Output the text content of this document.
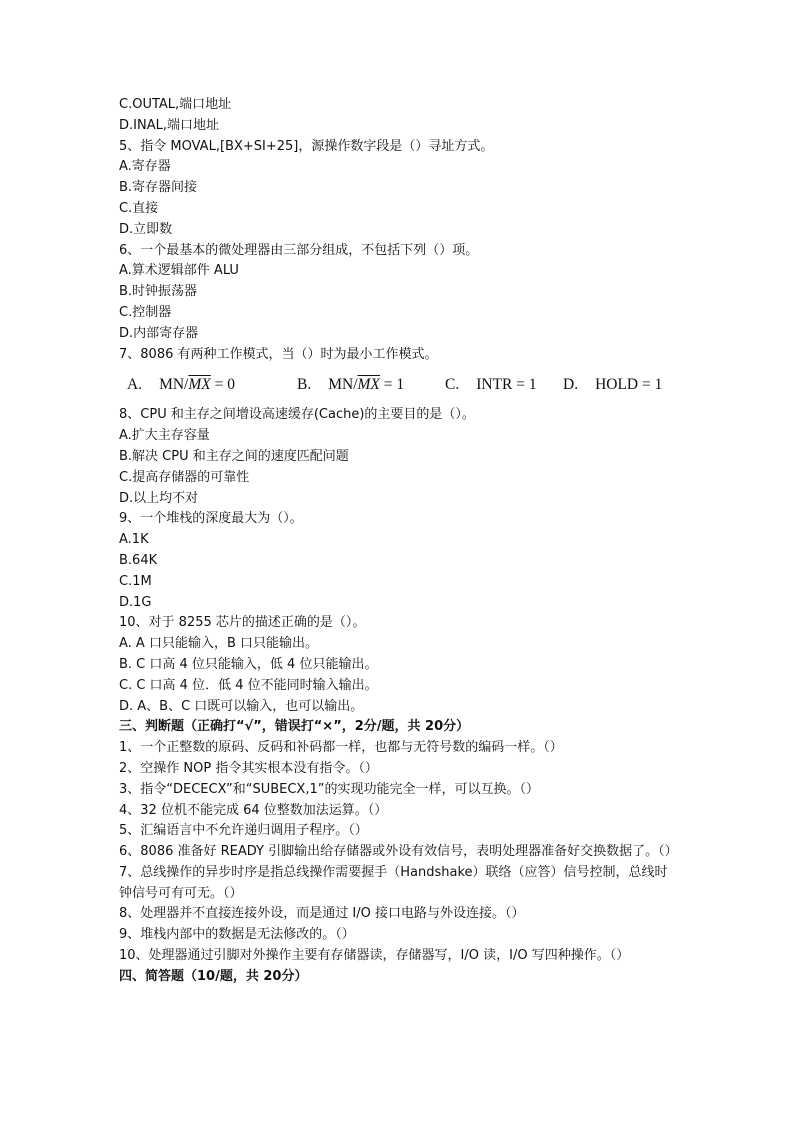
C.OUTAL,端口地址
D.INAL,端口地址
5、指令 MOVAL,[BX+SI+25]，源操作数字段是（）寻址方式。
A.寄存器
B.寄存器间接
C.直接
D.立即数
6、一个最基本的微处理器由三部分组成，不包括下列（）项。
A.算术逻辑部件 ALU
B.时钟振荡器
C.控制器
D.内部寄存器
7、8086 有两种工作模式，当（）时为最小工作模式。
A. MN/ $\overline{MX} = 0$	B. MN/ $\overline{MX} = 1$	C. INTR = 1 D. HOLD = 1
8、CPU 和主存之间增设高速缓存(Cache)的主要目的是（）。
A.扩大主存容量
B.解决 CPU 和主存之间的速度匹配问题
C.提高存储器的可靠性
D.以上均不对
9、一个堆栈的深度最大为（）。
A.1K
B.64K
C.1M
D.1G
10、对于 8255 芯片的描述正确的是（）。
A. A 口只能输入，B 口只能输出。
B. C 口高 4 位只能输入，低 4 位只能输出。
C. C 口高 4 位．低 4 位不能同时输入输出。
D. A、B、C 口既可以输入，也可以输出。
三、判断题（正确打“√”，错误打“×”，2分/题，共 20分）
1、一个正整数的原码、反码和补码都一样，也都与无符号数的编码一样。（）
2、空操作 NOP 指令其实根本没有指令。（）
3、指令“DECECX”和“SUBECX,1”的实现功能完全一样，可以互换。（）
4、32 位机不能完成 64 位整数加法运算。（）
5、汇编语言中不允许递归调用子程序。（）
6、8086 准备好 READY 引脚输出给存储器或外设有效信号，表明处理器准备好交换数据了。（）
7、总线操作的异步时序是指总线操作需要握手（Handshake）联络（应答）信号控制，总线时钟信号可有可无。（）
8、处理器并不直接连接外设，而是通过 I/O 接口电路与外设连接。（）
9、堆栈内部中的数据是无法修改的。（）
10、处理器通过引脚对外操作主要有存储器读，存储器写，I/O 读，I/O 写四种操作。（）
四、简答题（10/题，共 20分）
